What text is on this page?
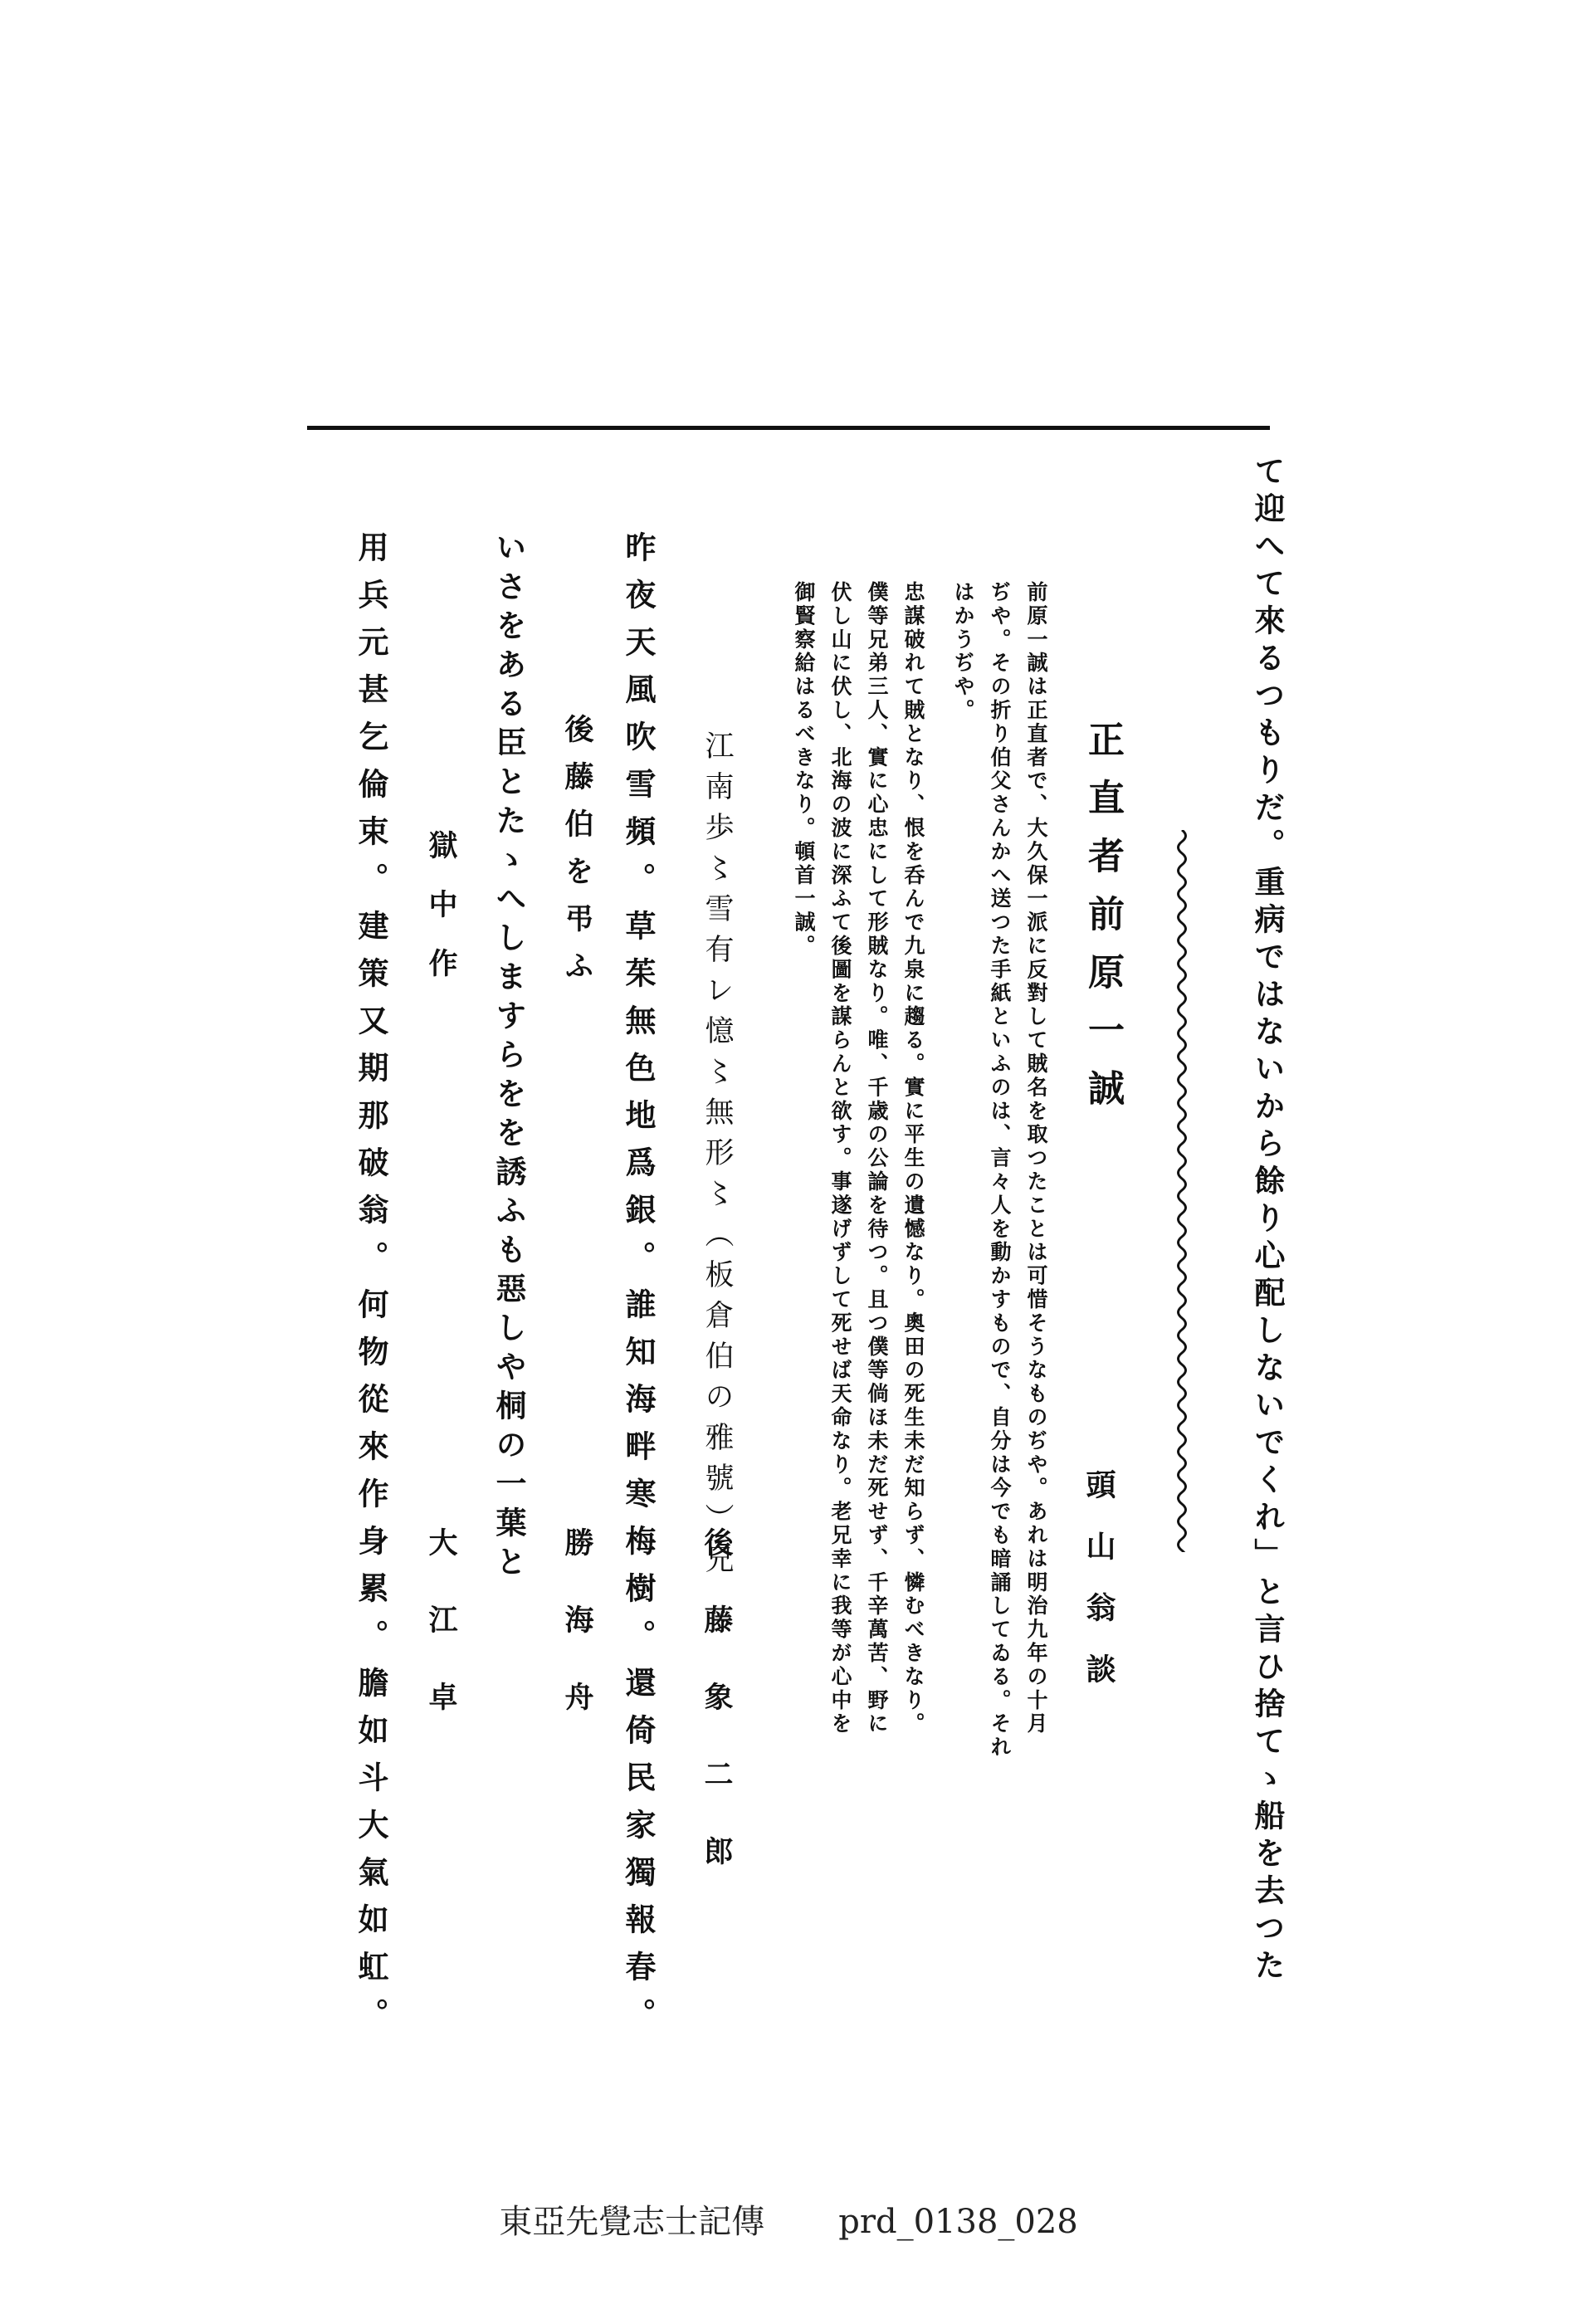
て迎へて來るつもりだ。重病ではないから餘り心配しないでくれ」と言ひ捨てゝ船を去つた
正直者前原一誠
頭山翁談
前原一誠は正直者で、大久保一派に反對して賊名を取つたことは可惜そうなものぢや。あれは明治九年の十月
ぢや。その折り伯父さんかへ送つた手紙といふのは、言々人を動かすもので、自分は今でも暗誦してゐる。それ
はかうぢや。
忠謀破れて賊となり、恨を呑んで九泉に趨る。實に平生の遺憾なり。奧田の死生未だ知らず、憐むべきなり。
僕等兄弟三人、實に心忠にして形賊なり。唯、千歳の公論を待つ。且つ僕等倘ほ未だ死せず、千辛萬苦、野に
伏し山に伏し、北海の波に深ふて後圖を謀らんと欲す。事遂げずして死せば天命なり。老兄幸に我等が心中を
御賢察給はるべきなり。頓首一誠。
江南歩〻雪有レ憶〻無形〻（板倉伯の雅號）兄
後藤象二郎
昨夜天風吹雪頻。草茱無色地爲銀。誰知海畔寒梅樹。還倚民家獨報春。
後藤伯を弔ふ
勝海舟
いさをある臣とたゝへしますらをを誘ふも惡しや桐の一葉と
獄中作
大江卓
用兵元甚乞倫束。建策又期那破翁。何物從來作身累。膽如斗大氣如虹。
東亞先覺志士記傳 prd_0138_028
